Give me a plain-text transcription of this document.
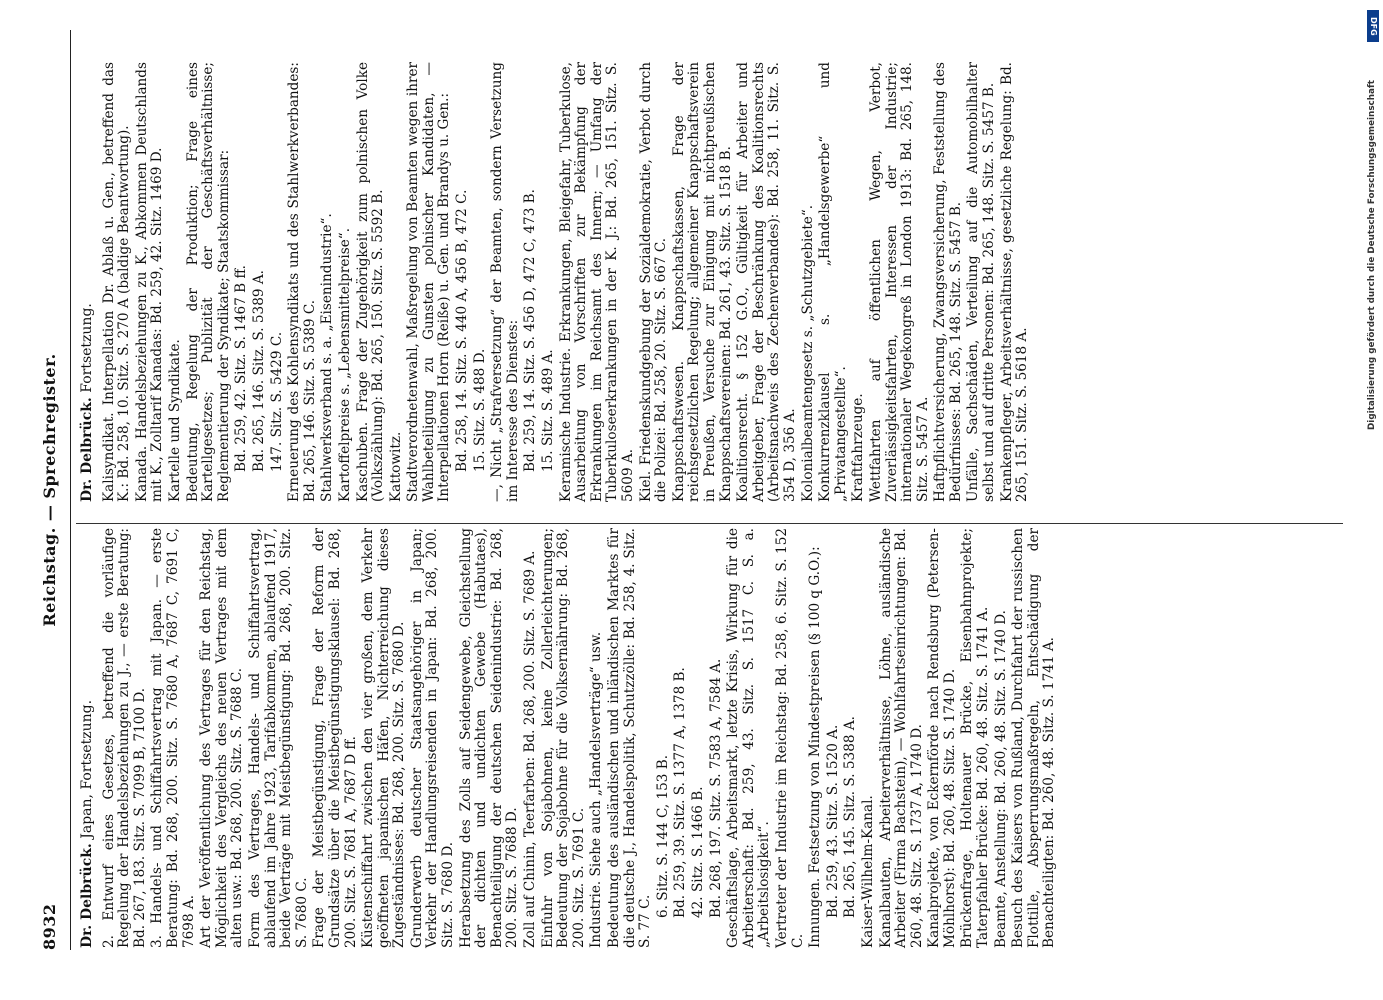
8932
Reichstag. — Sprechregister.
Dr. Delbrück. Japan, Fortsetzung. 2. Entwurf eines Gesetzes, betreffend die vorläufige Regelung der Handelsbeziehungen zu J., — erste Beratung: Bd. 267, 183. Sitz. S. 7099 B, 7100 D. 3. Handels- und Schiffahrtsvertrag mit Japan. — erste Beratung: Bd. 268, 200. Sitz. S. 7680 A, 7687 C, 7691 C, 7698 A. Art der Veröffentlichung des Vertrages für den Reichstag, Möglichkeit des Vergleichs des neuen Vertrages mit dem alten usw.: Bd. 268, 200. Sitz. S. 7688 C. Form des Vertrages, Handels- und Schiffahrtsvertrag, ablaufend im Jahre 1923, Tarifabkommen, ablaufend 1917, beide Verträge mit Meistbegünstigung: Bd. 268, 200. Sitz. S. 7680 C. Frage der Meistbegünstigung, Frage der Reform der Grundsätze über die Meistbegünstigungsklausel: Bd. 268, 200. Sitz. S. 7681 A, 7687 D ff. Küstenschiffahrt zwischen den vier großen, dem Verkehr geöffneten japanischen Häfen, Nichterreichung dieses Zugeständnisses: Bd. 268, 200. Sitz. S. 7680 D. Grunderwerb deutscher Staatsangehöriger in Japan; Verkehr der Handlungsreisenden in Japan: Bd. 268, 200. Sitz. S. 7680 D. Herabsetzung des Zolls auf Seidengewebe, Gleichstellung der dichten und undichten Gewebe (Habutaes), Benachteiligung der deutschen Seidenindustrie: Bd. 268, 200. Sitz. S. 7688 D. Zoll auf Chinin, Teerfarben: Bd. 268, 200. Sitz. S. 7689 A. Einfuhr von Sojabohnen, keine Zollerleichterungen; Bedeutung der Sojabohne für die Volksernährung: Bd. 268, 200. Sitz. S. 7691 C. Industrie. Siehe auch „Handelsverträge“ usw. Bedeutung des ausländischen und inländischen Marktes für die deutsche J., Handelspolitik, Schutzzölle: Bd. 258, 4. Sitz. S. 77 C.
6. Sitz. S. 144 C, 153 B. Bd. 259, 39. Sitz. S. 1377 A, 1378 B. 42. Sitz. S. 1466 B. Bd. 268, 197. Sitz. S. 7583 A, 7584 A. Geschäftslage, Arbeitsmarkt, letzte Krisis, Wirkung für die Arbeiterschaft: Bd. 259, 43. Sitz. S. 1517 C. S. a. „Arbeitslosigkeit“. Vertreter der Industrie im Reichstag: Bd. 258, 6. Sitz. S. 152 C. Innungen. Festsetzung von Mindestpreisen (§ 100 q G.O.): Bd. 259, 43. Sitz. S. 1520 A. Bd. 265, 145. Sitz. S. 5388 A. Kaiser-Wilhelm-Kanal. Kanalbauten, Arbeiterverhältnisse, Löhne, ausländische Arbeiter (Firma Bachstein), — Wohlfahrtseinrichtungen: Bd. 260, 48. Sitz. S. 1737 A, 1740 D. Kanalprojekte, von Eckernförde nach Rendsburg (Petersen-Möhlhorst): Bd. 260, 48. Sitz. S. 1740 D. Brückenfrage, Holtenauer Brücke, Eisenbahnprojekte; Taterpfahler Brücke: Bd. 260, 48. Sitz. S. 1741 A. Beamte, Anstellung: Bd. 260, 48. Sitz. S. 1740 D. Besuch des Kaisers von Rußland, Durchfahrt der russischen Flottille, Absperrungsmaßregeln, Entschädigung der Benachteiligten: Bd. 260, 48. Sitz. S. 1741 A.
Dr. Delbrück. Fortsetzung. Kalisyndikat. Interpellation Dr. Ablaß u. Gen., betreffend das K.: Bd. 258, 10. Sitz. S. 270 A (baldige Beantwortung). Kanada. Handelsbeziehungen zu K., Abkommen Deutschlands mit K., Zolltarif Kanadas: Bd. 259, 42. Sitz. 1469 D. Kartelle und Syndikate. Bedeutung, Regelung der Produktion; Frage eines Kartellgesetzes; Publizität der Geschäftsverhältnisse; Reglementierung der Syndikate; Staatskommissar: Bd. 259, 42. Sitz. S. 1467 B ff. Bd. 265, 146. Sitz. S. 5389 A. 147. Sitz. S. 5429 C. Erneuerung des Kohlensyndikats und des Stahlwerkverbandes: Bd. 265, 146. Sitz. S. 5389 C. Stahlwerksverband s. a. „Eisenindustrie“. Kartoffelpreise s. „Lebensmittelpreise“. Kaschuben. Frage der Zugehörigkeit zum polnischen Volke (Volkszählung): Bd. 265, 150. Sitz. S. 5592 B. Kattowitz. Stadtverordnetenwahl, Maßregelung von Beamten wegen ihrer Wahlbeteiligung zu Gunsten polnischer Kandidaten, — Interpellationen Horn (Reiße) u. Gen. und Brandys u. Gen.: Bd. 258, 14. Sitz. S. 440 A, 456 B, 472 C. 15. Sitz. S. 488 D. —, Nicht „Strafversetzung“ der Beamten, sondern Versetzung im Interesse des Dienstes: Bd. 259, 14. Sitz. S. 456 D, 472 C, 473 B. 15. Sitz. S. 489 A. Keramische Industrie. Erkrankungen, Bleigefahr, Tuberkulose, Ausarbeitung von Vorschriften zur Bekämpfung der Erkrankungen im Reichsamt des Innern; — Umfang der Tuberkuloseerkrankungen in der K. J.: Bd. 265, 151. Sitz. S. 5609 A. Kiel. Friedenskundgebung der Sozialdemokratie, Verbot durch die Polizei: Bd. 258, 20. Sitz. S. 667 C. Knappschaftswesen. Knappschaftskassen, Frage der reichsgesetzlichen Regelung; allgemeiner Knappschaftsverein in Preußen, Versuche zur Einigung mit nichtpreußischen Knappschaftsvereinen: Bd. 261, 43. Sitz. S. 1518 B. Koalitionsrecht. § 152 G.O., Gültigkeit für Arbeiter und Arbeitgeber, Frage der Beschränkung des Koalitionsrechts (Arbeitsnachweis des Zechenverbandes): Bd. 258, 11. Sitz. S. 354 D, 356 A. Kolonialbeamtengesetz s. „Schutzgebiete“. Konkurrenzklausel s. „Handelsgewerbe“ und „Privatangestellte“. Kraftfahrzeuge. Wettfahrten auf öffentlichen Wegen, Verbot, Zuverlässigkeitsfahrten, Interessen der Industrie; internationaler Wegekongreß in London 1913: Bd. 265, 148. Sitz. S. 5457 A. Haftpflichtversicherung, Zwangsversicherung, Feststellung des Bedürfnisses: Bd. 265, 148. Sitz. S. 5457 B. Unfälle, Sachschäden, Verteilung auf die Automobilhalter selbst und auf dritte Personen: Bd. 265, 148. Sitz. S. 5457 B. Krankenpfleger, Arbeitsverhältnisse, gesetzliche Regelung: Bd. 265, 151. Sitz. S. 5618 A.
DFG
Digitalisierung gefördert durch die Deutsche Forschungsgemeinschaft
